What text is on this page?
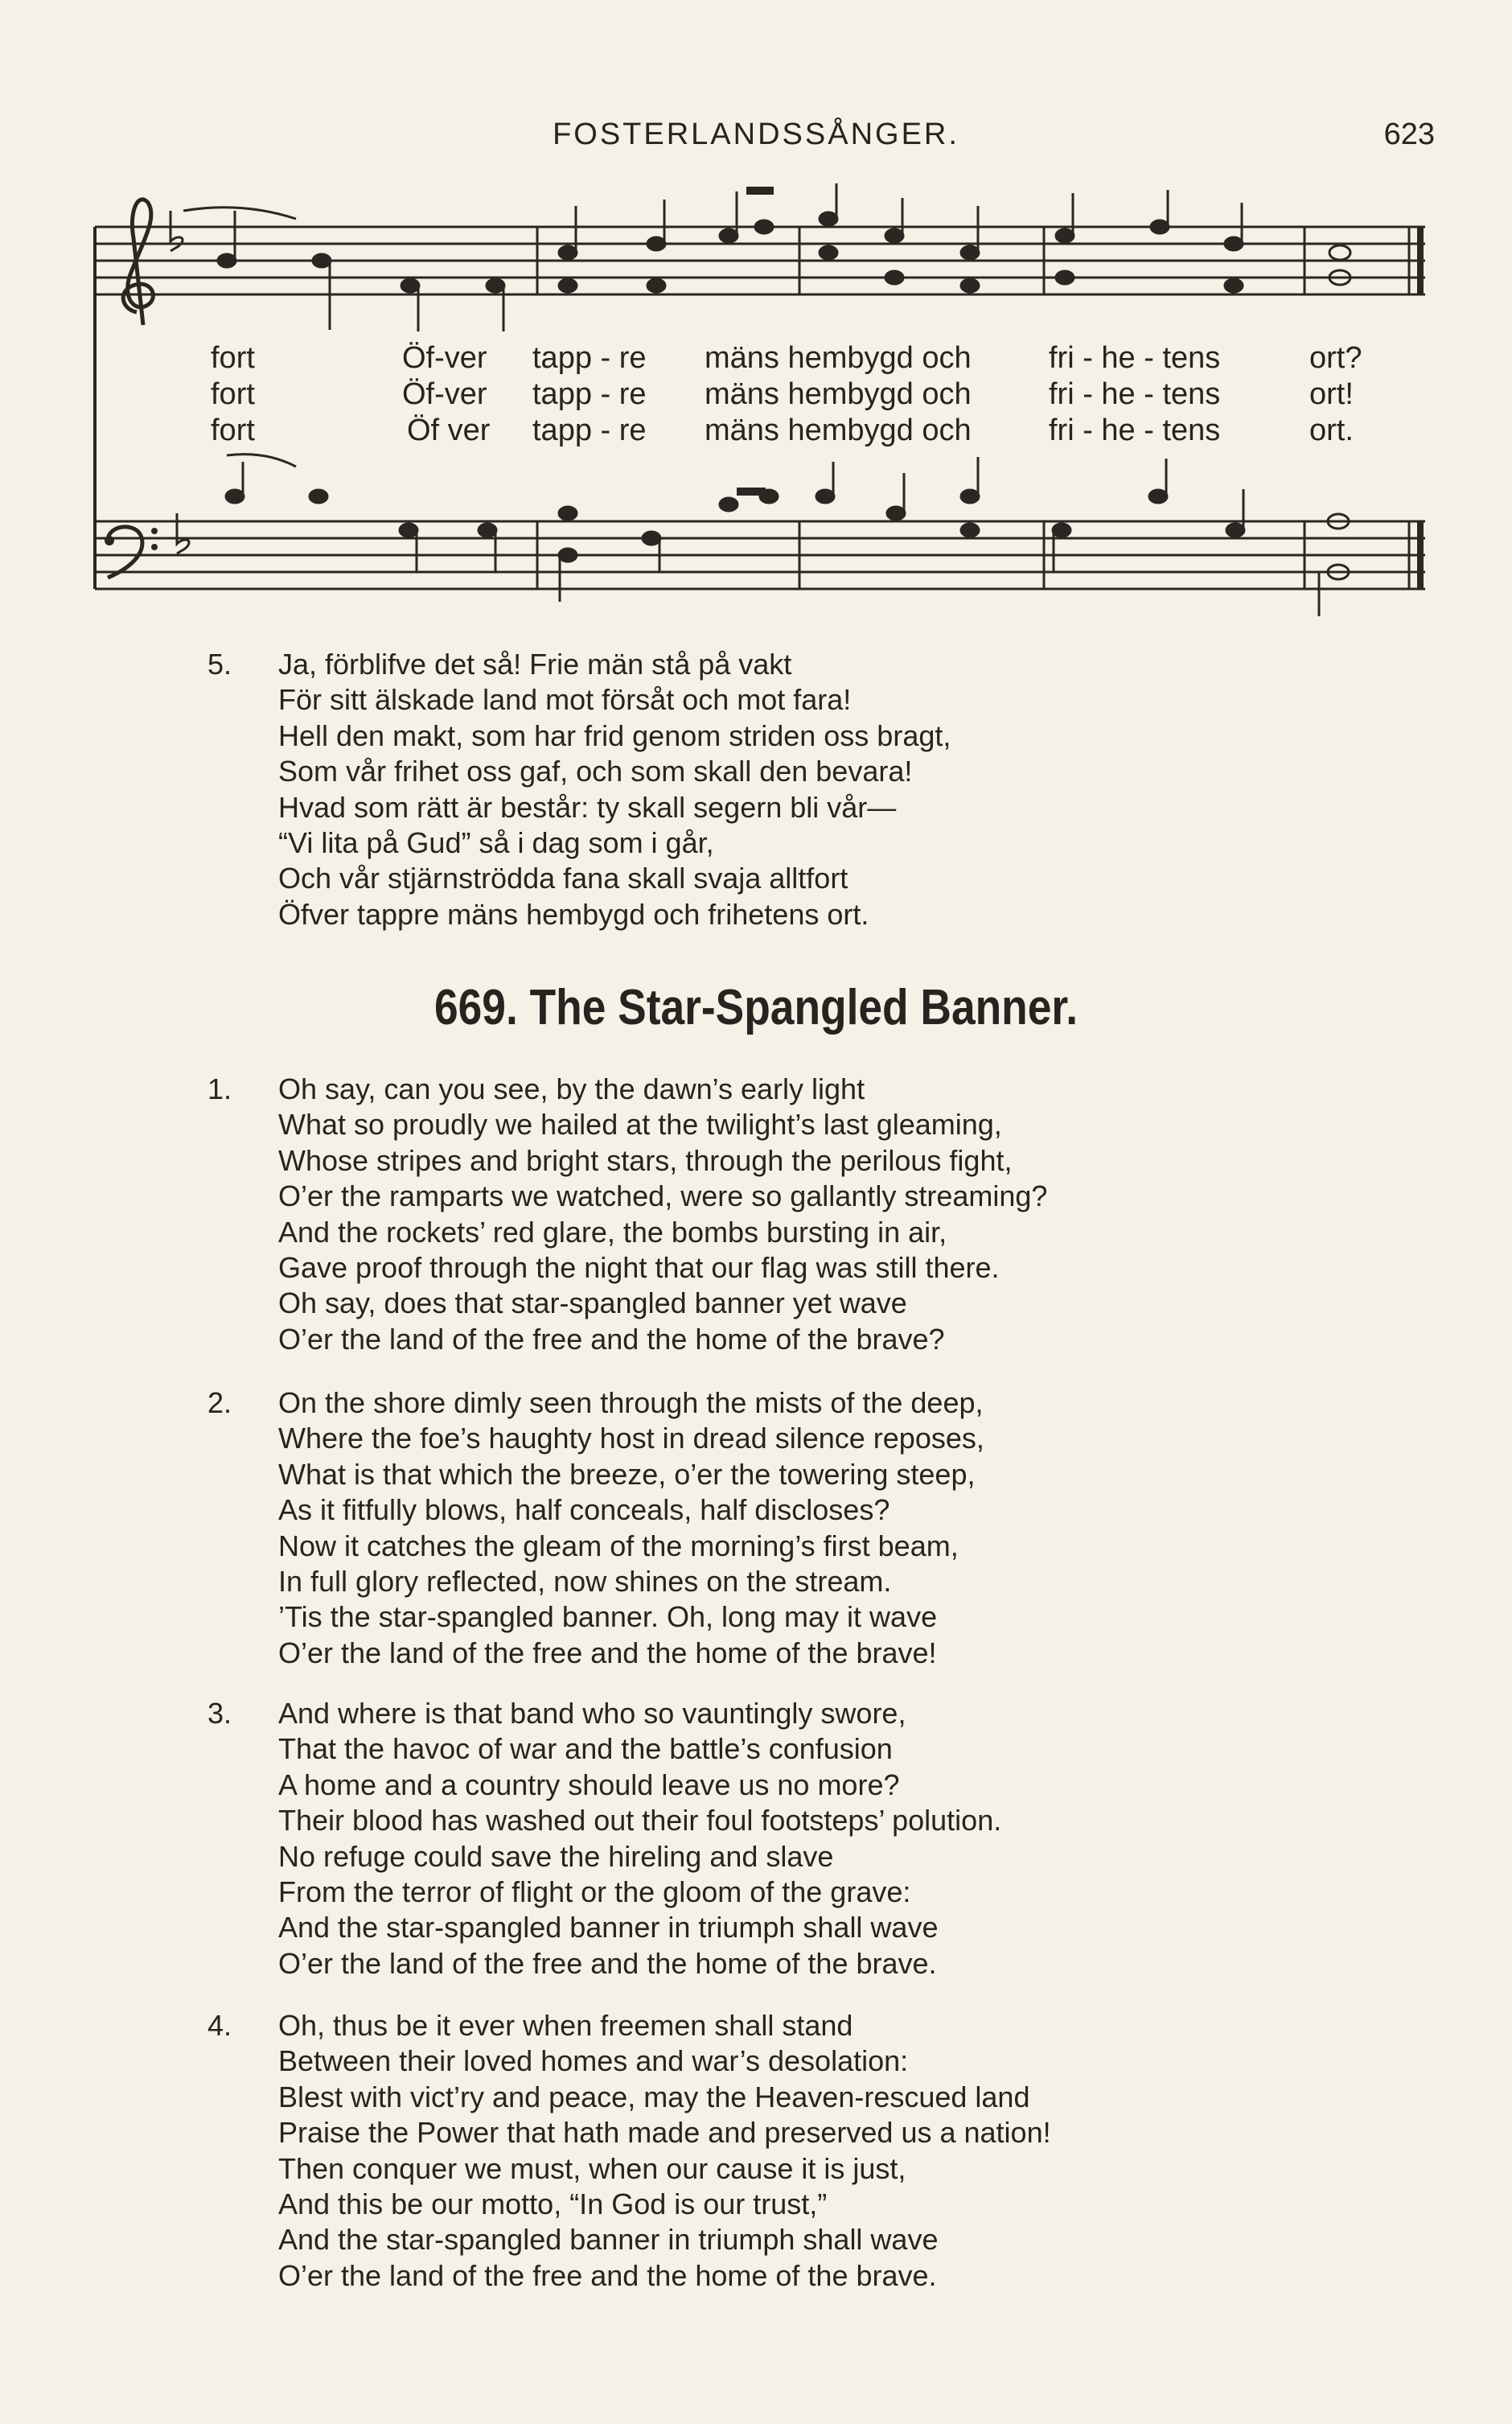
FOSTERLANDSSÅNGER.	623
fort	Öf-ver tapp - re mäns hembygd och	fri - he - tens	ort?
fort	Öf-ver tapp - re mäns hembygd och	fri - he - tens	ort!
fort	Öf ver tapp - re mäns hembygd och	fri - he - tens	ort.
5. Ja, förblifve det så! Frie män stå på vakt
För sitt älskade land mot försåt och mot fara!
Hell den makt, som har frid genom striden oss bragt,
Som vår frihet oss gaf, och som skall den bevara!
Hvad som rätt är består: ty skall segern bli vår—
“Vi lita på Gud” så i dag som i går,
Och vår stjärnströdda fana skall svaja alltfort
Öfver tappre mäns hembygd och frihetens ort.
669. The Star-Spangled Banner.
1. Oh say, can you see, by the dawn’s early light
What so proudly we hailed at the twilight’s last gleaming,
Whose stripes and bright stars, through the perilous fight,
O’er the ramparts we watched, were so gallantly streaming?
And the rockets’ red glare, the bombs bursting in air,
Gave proof through the night that our flag was still there.
Oh say, does that star-spangled banner yet wave
O’er the land of the free and the home of the brave?
2. On the shore dimly seen through the mists of the deep,
Where the foe’s haughty host in dread silence reposes,
What is that which the breeze, o’er the towering steep,
As it fitfully blows, half conceals, half discloses?
Now it catches the gleam of the morning’s first beam,
In full glory reflected, now shines on the stream.
’Tis the star-spangled banner. Oh, long may it wave
O’er the land of the free and the home of the brave!
3. And where is that band who so vauntingly swore,
That the havoc of war and the battle’s confusion
A home and a country should leave us no more?
Their blood has washed out their foul footsteps’ polution.
No refuge could save the hireling and slave
From the terror of flight or the gloom of the grave:
And the star-spangled banner in triumph shall wave
O’er the land of the free and the home of the brave.
4. Oh, thus be it ever when freemen shall stand
Between their loved homes and war’s desolation:
Blest with vict’ry and peace, may the Heaven-rescued land
Praise the Power that hath made and preserved us a nation!
Then conquer we must, when our cause it is just,
And this be our motto, “In God is our trust,”
And the star-spangled banner in triumph shall wave
O’er the land of the free and the home of the brave.
